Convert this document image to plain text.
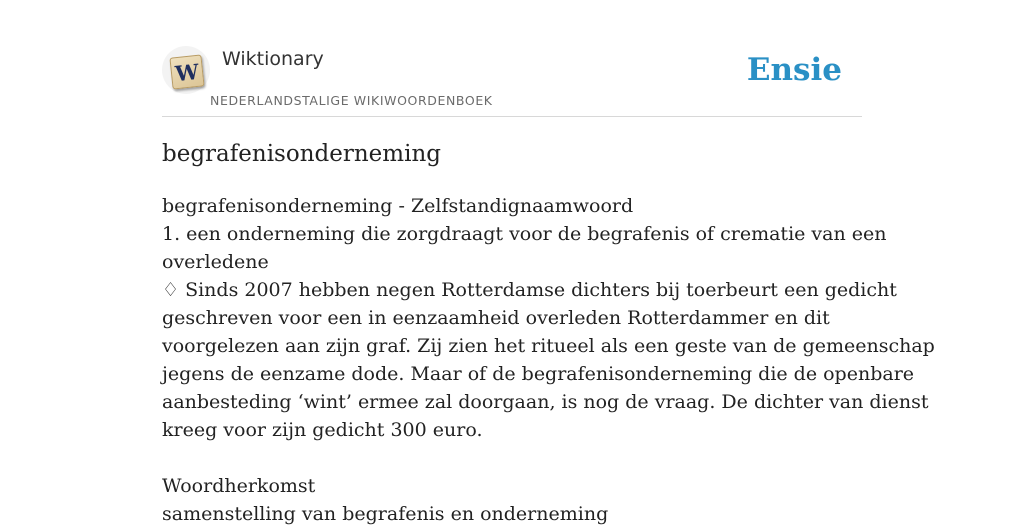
W Wiktionary
NEDERLANDSTALIGE WIKIWOORDENBOEK
Ensie
begrafenisonderneming
begrafenisonderneming - Zelfstandignaamwoord
1. een onderneming die zorgdraagt voor de begrafenis of crematie van een
overledene
♢ Sinds 2007 hebben negen Rotterdamse dichters bij toerbeurt een gedicht
geschreven voor een in eenzaamheid overleden Rotterdammer en dit
voorgelezen aan zijn graf. Zij zien het ritueel als een geste van de gemeenschap
jegens de eenzame dode. Maar of de begrafenisonderneming die de openbare
aanbesteding ‘wint’ ermee zal doorgaan, is nog de vraag. De dichter van dienst
kreeg voor zijn gedicht 300 euro.
Woordherkomst
samenstelling van begrafenis en onderneming
